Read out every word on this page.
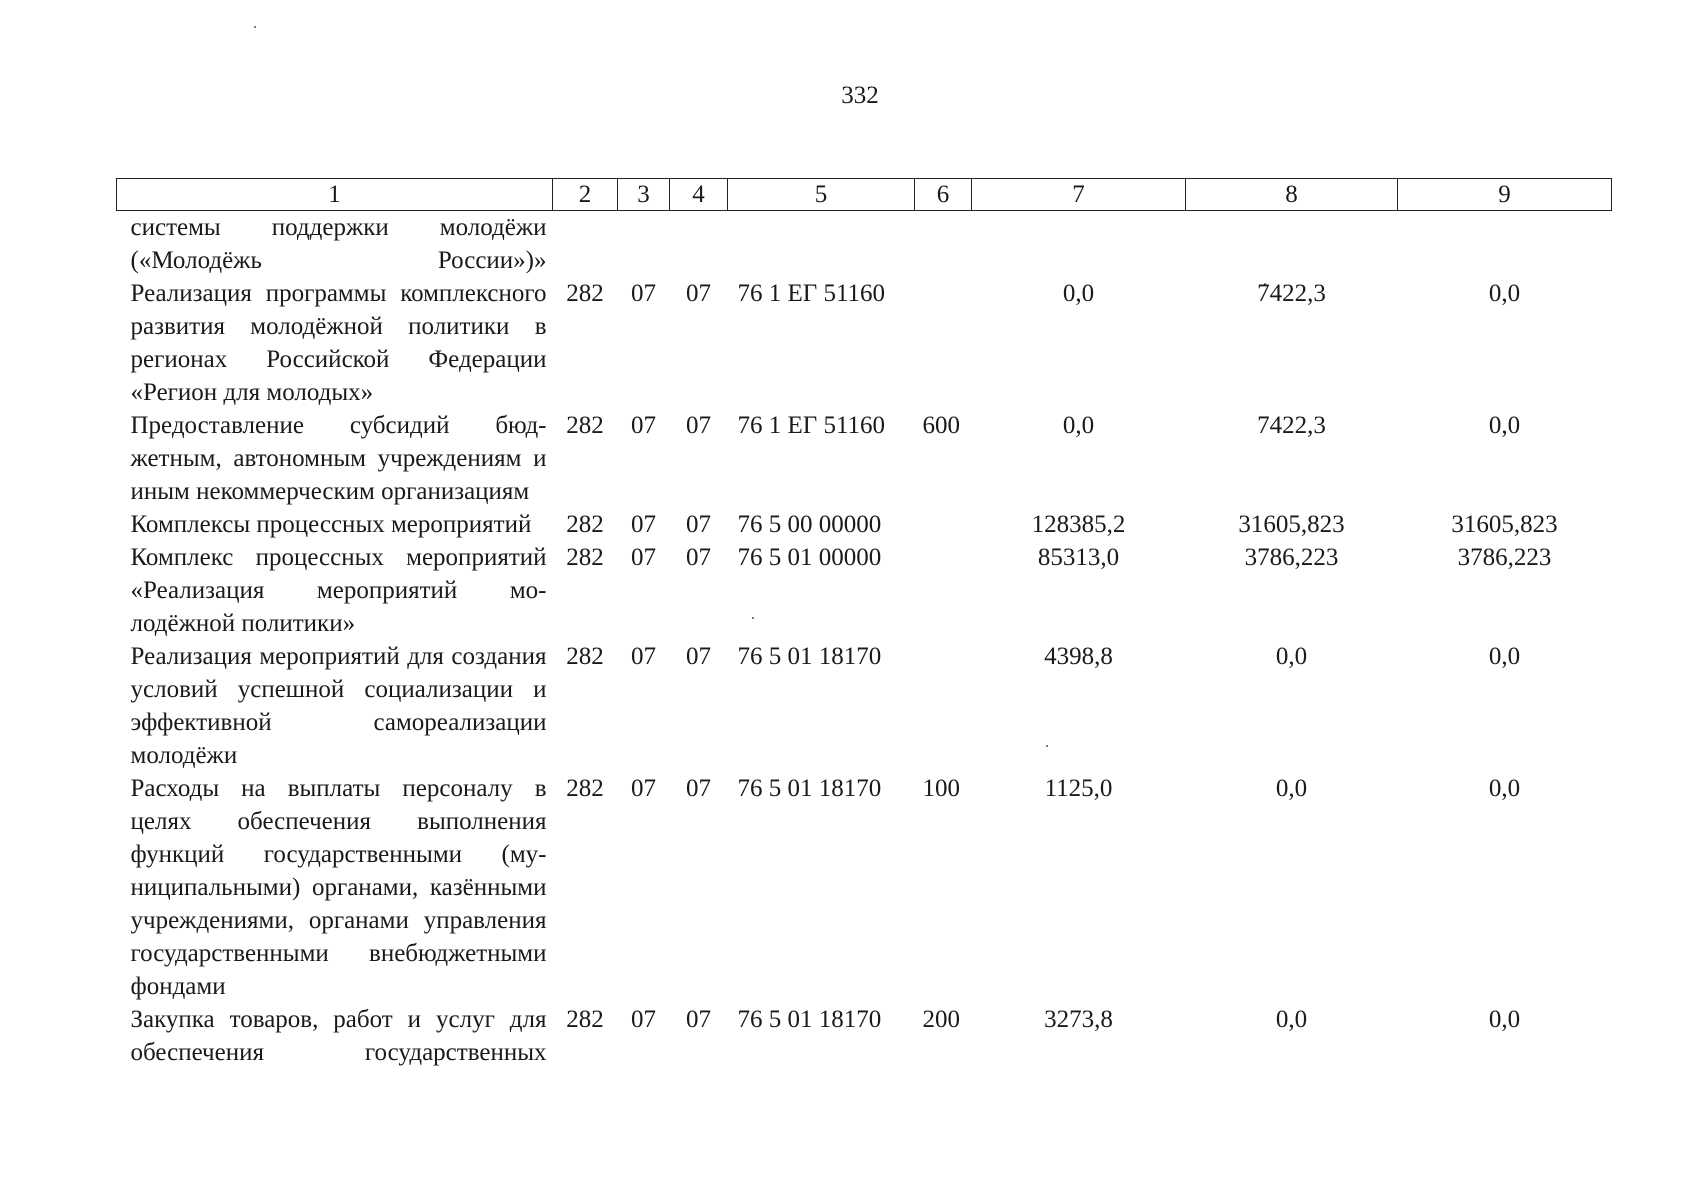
332
1	2	3	4	5	6	7	8	9
системы поддержки молодёжи («Молодёжь России»)»								
Реализация программы комплексного развития молодёжной политики в регионах Российской Федерации «Регион для молодых»	282	07	07	76 1 ЕГ 51160		0,0	7422,3	0,0
Предоставление субсидий бюджетным, автономным учреждениям и иным некоммерческим организациям	282	07	07	76 1 ЕГ 51160	600	0,0	7422,3	0,0
Комплексы процессных мероприятий	282	07	07	76 5 00 00000		128385,2	31605,823	31605,823
Комплекс процессных мероприятий «Реализация мероприятий молодёжной политики»	282	07	07	76 5 01 00000		85313,0	3786,223	3786,223
Реализация мероприятий для создания условий успешной социализации и эффективной самореализации молодёжи	282	07	07	76 5 01 18170		4398,8	0,0	0,0
Расходы на выплаты персоналу в целях обеспечения выполнения функций государственными (муниципальными) органами, казёнными учреждениями, органами управления государственными внебюджетными фондами	282	07	07	76 5 01 18170	100	1125,0	0,0	0,0
Закупка товаров, работ и услуг для обеспечения государственных	282	07	07	76 5 01 18170	200	3273,8	0,0	0,0
